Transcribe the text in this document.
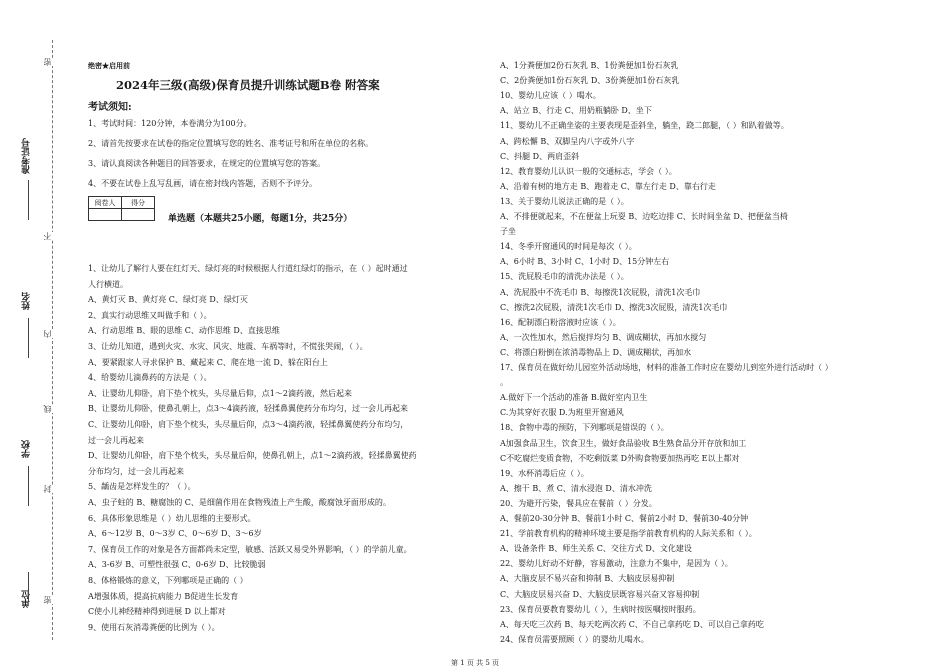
准考证号
姓名
学校
单位
密
不
内
线
封
密
绝密★启用前
2024年三级(高级)保育员提升训练试题B卷 附答案
考试须知:
1、考试时间：120分钟，本卷满分为100分。
2、请首先按要求在试卷的指定位置填写您的姓名、准考证号和所在单位的名称。
3、请认真阅读各种题目的回答要求，在规定的位置填写您的答案。
4、不要在试卷上乱写乱画，请在密封线内答题，否则不予评分。
阅卷人	得分

单选题（本题共25小题，每题1分，共25分）
1、让幼儿了解行人要在红灯天、绿灯亮的时候根据人行道红绿灯的指示，在（ ）起时通过
人行横道。
A、黄灯灭 B、黄灯亮 C、绿灯亮 D、绿灯灭
2、真实行动思维又叫做手和（ ）。
A、行动思维 B、眼的思维 C、动作思维 D、直接思维
3、让幼儿知道，遇到火灾、水灾、风灾、地震、车祸等时，不慌张哭闹，（ ）。
A、要紧跟家人寻求保护 B、藏起来 C、爬在地一流 D、躲在阳台上
4、给婴幼儿滴鼻药的方法是（ ）。
A、让婴幼儿仰卧，肩下垫个枕头，头尽量后仰，点1～2滴药液，然后起来
B、让婴幼儿仰卧，使鼻孔朝上，点3～4滴药液，轻揉鼻翼使药分布均匀，过一会儿再起来
C、让婴幼儿仰卧，肩下垫个枕头，头尽量后仰，点3～4滴药液，轻揉鼻翼使药分布均匀，
过一会儿再起来
D、让婴幼儿仰卧，肩下垫个枕头，头尽量后仰，使鼻孔朝上，点1～2滴药液，轻揉鼻翼使药
分布均匀，过一会儿再起来
5、龋齿是怎样发生的？（ ）。
A、虫子蛀的 B、糖腐蚀的 C、是细菌作用在食物残渣上产生酸，酸腐蚀牙面形成的。
6、具体形象思维是（ ）幼儿思维的主要形式。
A、6～12岁 B、0～3岁 C、0～6岁 D、3～6岁
7、保育员工作的对象是各方面都尚未定型，敏感、活跃又易受外界影响，（ ）的学前儿童。
A、3-6岁 B、可塑性很强 C、0-6岁 D、比较脆弱
8、体格锻炼的意义，下列哪项是正确的（ ）
A增强体质，提高抗病能力 B促进生长发育
C使小儿神经精神得到进展 D 以上都对
9、使用石灰消毒粪便的比例为（ ）。
A、1分粪便加2份石灰乳 B、1份粪便加1份石灰乳
C、2份粪便加1份石灰乳 D、3份粪便加1份石灰乳
10、婴幼儿应该（ ）喝水。
A、站立 B、行走 C、用奶瓶躺卧 D、坐下
11、婴幼儿不正确坐姿的主要表现是歪斜坐，躺坐，跷二郎腿，（ ）和趴着做等。
A、跨松懈 B、双脚呈内八字或外八字
C、抖腿 D、两肩歪斜
12、教育婴幼儿认识一般的交通标志，学会（ ）。
A、沿着有树的地方走 B、跑着走 C、靠左行走 D、靠右行走
13、关于婴幼儿说法正确的是（ ）。
A、不排便就起来，不在便盆上玩耍 B、边吃边排 C、长时间坐盆 D、把便盆当椅
子坐
14、冬季开窗通风的时间是每次（ ）。
A、6小时 B、3小时 C、1小时 D、15分钟左右
15、洗屁股毛巾的清洗办法是（ ）。
A、洗屁股中不洗毛巾 B、每擦洗1次屁股，清洗1次毛巾
C、擦洗2次屁股，清洗1次毛巾 D、擦洗3次屁股，清洗1次毛巾
16、配制漂白粉溶液时应该（ ）。
A、一次性加水，然后搅拌均匀 B、调成糊状，再加水搅匀
C、将漂白粉倒在浓消毒物品上 D、调成糊状，再加水
17、保育员在做好幼儿园室外活动场地，材料的准备工作时应在婴幼儿到室外进行活动时（ ）
。
A.做好下一个活动的准备 B.做好室内卫生
C.为其穿好衣服 D.为班里开窗通风
18、食物中毒的预防，下列哪项是错误的（ ）。
A加强食品卫生，饮食卫生，做好食品验收 B生熟食品分开存放和加工
C不吃腐烂变质食物，不吃剩饭菜 D外购食物要加热再吃 E以上都对
19、水杯消毒后应（ ）。
A、擦干 B、煮 C、清水浸泡 D、清水冲洗
20、为避开污染，餐具应在餐前（ ）分发。
A、餐前20-30分钟 B、餐前1小时 C、餐前2小时 D、餐前30-40分钟
21、学前教育机构的精神环境主要是指学前教育机构的人际关系和（ ）。
A、设备条件 B、师生关系 C、交往方式 D、文化建设
22、婴幼儿好动不好静，容易激动，注意力不集中，是因为（ ）。
A、大脑皮层不易兴奋和抑制 B、大脑皮层易抑制
C、大脑皮层易兴奋 D、大脑皮层既容易兴奋又容易抑制
23、保育员要教育婴幼儿（ ），生病时按医嘱按时服药。
A、每天吃三次药 B、每天吃两次药 C、不自己拿药吃 D、可以自己拿药吃
24、保育员需要照顾（ ）的婴幼儿喝水。
第 1 页 共 5 页
